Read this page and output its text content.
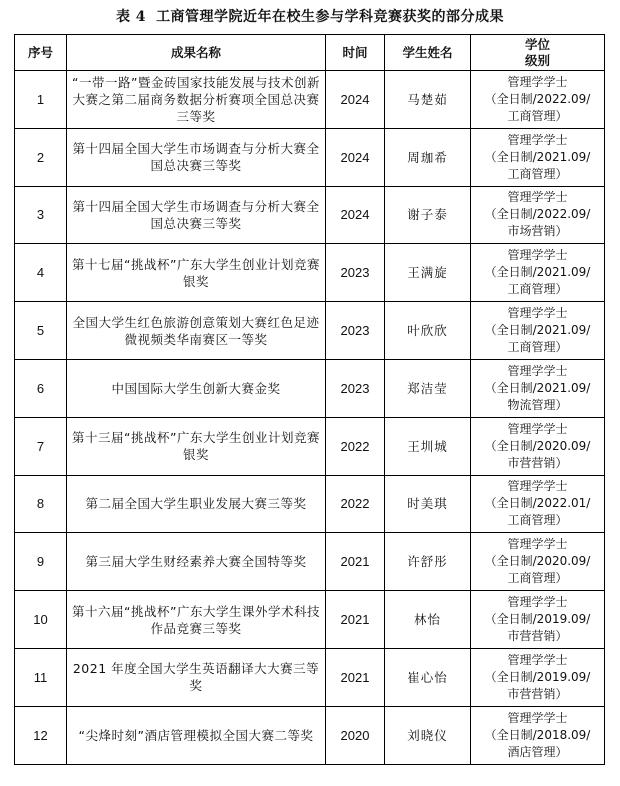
表 4 工商管理学院近年在校生参与学科竞赛获奖的部分成果
序号	成果名称	时间	学生姓名	学位
级别

1	“一带一路”暨金砖国家技能发展与技术创新大赛之第二届商务数据分析赛项全国总决赛三等奖	2024	马楚茹	管理学学士
（全日制/2022.09/
工商管理）

2	第十四届全国大学生市场调查与分析大赛全国总决赛三等奖	2024	周珈希	管理学学士
（全日制/2021.09/
工商管理）

3	第十四届全国大学生市场调查与分析大赛全国总决赛三等奖	2024	谢子泰	管理学学士
（全日制/2022.09/
市场营销）

4	第十七届“挑战杯”广东大学生创业计划竞赛银奖	2023	王满旋	管理学学士
（全日制/2021.09/
工商管理）

5	全国大学生红色旅游创意策划大赛红色足迹微视频类华南赛区一等奖	2023	叶欣欣	管理学学士
（全日制/2021.09/
工商管理）

6	中国国际大学生创新大赛金奖	2023	郑洁莹	管理学学士
（全日制/2021.09/
物流管理）

7	第十三届“挑战杯”广东大学生创业计划竞赛银奖	2022	王圳城	管理学学士
（全日制/2020.09/
市营营销）

8	第二届全国大学生职业发展大赛三等奖	2022	时美琪	管理学学士
（全日制/2022.01/
工商管理）

9	第三届大学生财经素养大赛全国特等奖	2021	许舒彤	管理学学士
（全日制/2020.09/
工商管理）

10	第十六届“挑战杯”广东大学生课外学术科技作品竞赛三等奖	2021	林怡	管理学学士
（全日制/2019.09/
市营营销）

11	2021 年度全国大学生英语翻译大大赛三等奖	2021	崔心怡	管理学学士
（全日制/2019.09/
市营营销）

12	“尖烽时刻”酒店管理模拟全国大赛二等奖	2020	刘晓仪	管理学学士
（全日制/2018.09/
酒店管理）
